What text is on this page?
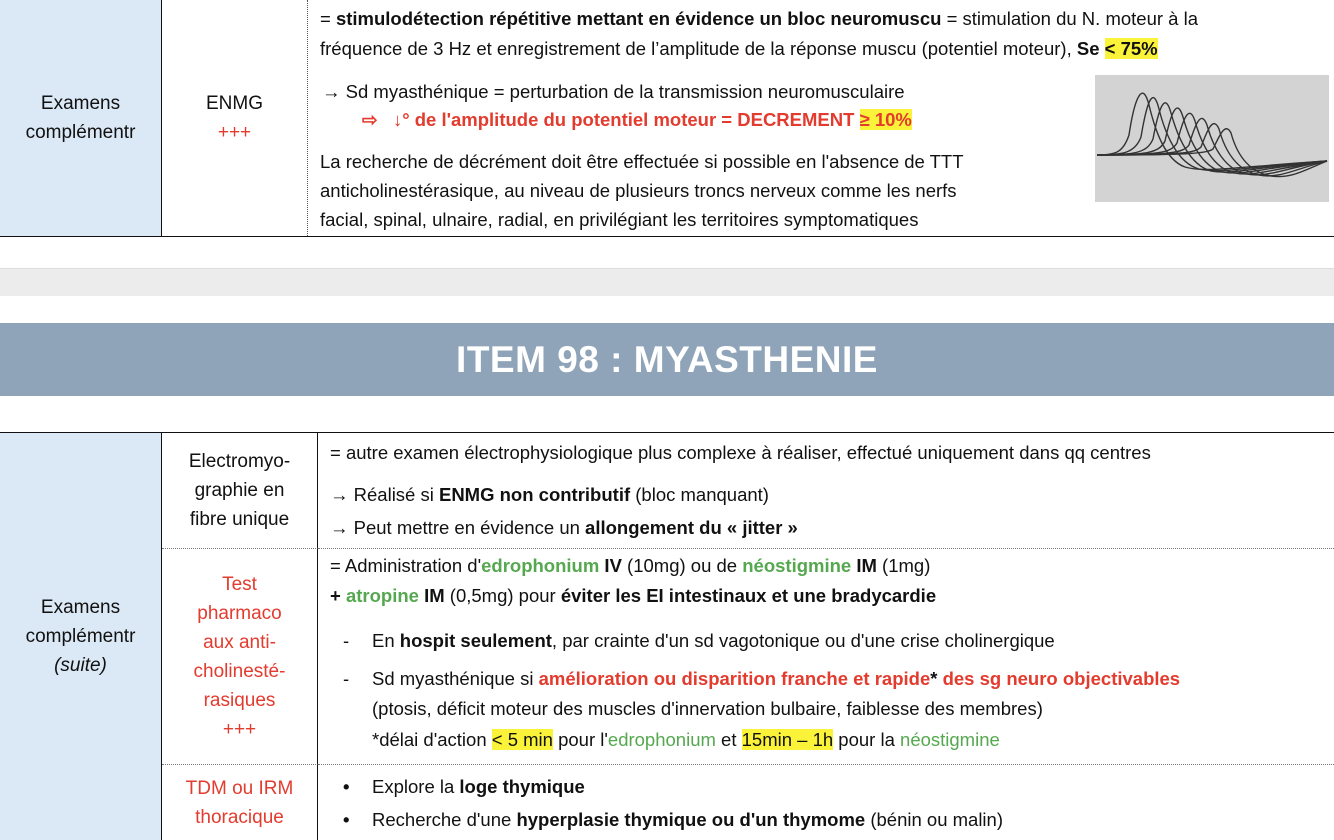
Examens complémentr
ENMG
+++
= stimulodétection répétitive mettant en évidence un bloc neuromuscu = stimulation du N. moteur à la
fréquence de 3 Hz et enregistrement de l’amplitude de la réponse muscu (potentiel moteur), Se < 75%
→ Sd myasthénique = perturbation de la transmission neuromusculaire
⇨ ↓° de l'amplitude du potentiel moteur = DECREMENT ≥ 10%
La recherche de décrément doit être effectuée si possible en l'absence de TTT
anticholinestérasique, au niveau de plusieurs troncs nerveux comme les nerfs
facial, spinal, ulnaire, radial, en privilégiant les territoires symptomatiques
ITEM 98 : MYASTHENIE
Examens
complémentr
(suite)
Electromyo-
graphie en
fibre unique
Test
pharmaco
aux anti-
cholinesté-
rasiques
+++
TDM ou IRM
thoracique
= autre examen électrophysiologique plus complexe à réaliser, effectué uniquement dans qq centres
→ Réalisé si ENMG non contributif (bloc manquant)
→ Peut mettre en évidence un allongement du « jitter »
= Administration d'edrophonium IV (10mg) ou de néostigmine IM (1mg)
+ atropine IM (0,5mg) pour éviter les EI intestinaux et une bradycardie
- En hospit seulement, par crainte d'un sd vagotonique ou d'une crise cholinergique
- Sd myasthénique si amélioration ou disparition franche et rapide* des sg neuro objectivables
(ptosis, déficit moteur des muscles d'innervation bulbaire, faiblesse des membres)
*délai d'action < 5 min pour l'edrophonium et 15min – 1h pour la néostigmine
• Explore la loge thymique
• Recherche d'une hyperplasie thymique ou d'un thymome (bénin ou malin)
